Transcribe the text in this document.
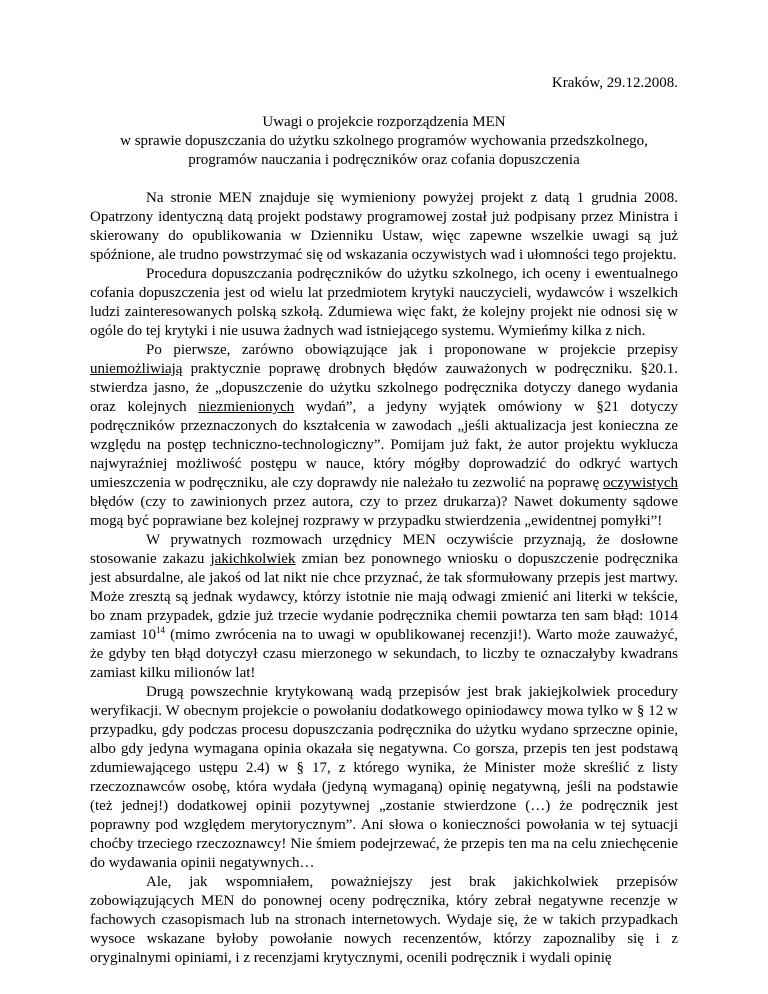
Kraków, 29.12.2008.
Uwagi o projekcie rozporządzenia MEN
w sprawie dopuszczania do użytku szkolnego programów wychowania przedszkolnego,
programów nauczania i podręczników oraz cofania dopuszczenia

Na stronie MEN znajduje się wymieniony powyżej projekt z datą 1 grudnia 2008. Opatrzony identyczną datą projekt podstawy programowej został już podpisany przez Ministra i skierowany do opublikowania w Dzienniku Ustaw, więc zapewne wszelkie uwagi są już spóźnione, ale trudno powstrzymać się od wskazania oczywistych wad i ułomności tego projektu.

Procedura dopuszczania podręczników do użytku szkolnego, ich oceny i ewentualnego cofania dopuszczenia jest od wielu lat przedmiotem krytyki nauczycieli, wydawców i wszelkich ludzi zainteresowanych polską szkołą. Zdumiewa więc fakt, że kolejny projekt nie odnosi się w ogóle do tej krytyki i nie usuwa żadnych wad istniejącego systemu. Wymieńmy kilka z nich.

Po pierwsze, zarówno obowiązujące jak i proponowane w projekcie przepisy uniemożliwiają praktycznie poprawę drobnych błędów zauważonych w podręczniku. §20.1. stwierdza jasno, że „dopuszczenie do użytku szkolnego podręcznika dotyczy danego wydania oraz kolejnych niezmienionych wydań”, a jedyny wyjątek omówiony w §21 dotyczy podręczników przeznaczonych do kształcenia w zawodach „jeśli aktualizacja jest konieczna ze względu na postęp techniczno-technologiczny”. Pomijam już fakt, że autor projektu wyklucza najwyraźniej możliwość postępu w nauce, który mógłby doprowadzić do odkryć wartych umieszczenia w podręczniku, ale czy doprawdy nie należało tu zezwolić na poprawę oczywistych błędów (czy to zawinionych przez autora, czy to przez drukarza)? Nawet dokumenty sądowe mogą być poprawiane bez kolejnej rozprawy w przypadku stwierdzenia „ewidentnej pomyłki”!

W prywatnych rozmowach urzędnicy MEN oczywiście przyznają, że dosłowne stosowanie zakazu jakichkolwiek zmian bez ponownego wniosku o dopuszczenie podręcznika jest absurdalne, ale jakoś od lat nikt nie chce przyznać, że tak sformułowany przepis jest martwy. Może zresztą są jednak wydawcy, którzy istotnie nie mają odwagi zmienić ani literki w tekście, bo znam przypadek, gdzie już trzecie wydanie podręcznika chemii powtarza ten sam błąd: 1014 zamiast $10^{14}$ (mimo zwrócenia na to uwagi w opublikowanej recenzji!). Warto może zauważyć, że gdyby ten błąd dotyczył czasu mierzonego w sekundach, to liczby te oznaczałyby kwadrans zamiast kilku milionów lat!

Drugą powszechnie krytykowaną wadą przepisów jest brak jakiejkolwiek procedury weryfikacji. W obecnym projekcie o powołaniu dodatkowego opiniodawcy mowa tylko w § 12 w przypadku, gdy podczas procesu dopuszczania podręcznika do użytku wydano sprzeczne opinie, albo gdy jedyna wymagana opinia okazała się negatywna. Co gorsza, przepis ten jest podstawą zdumiewającego ustępu 2.4) w § 17, z którego wynika, że Minister może skreślić z listy rzeczoznawców osobę, która wydała (jedyną wymaganą) opinię negatywną, jeśli na podstawie (też jednej!) dodatkowej opinii pozytywnej „zostanie stwierdzone (…) że podręcznik jest poprawny pod względem merytorycznym”. Ani słowa o konieczności powołania w tej sytuacji choćby trzeciego rzeczoznawcy! Nie śmiem podejrzewać, że przepis ten ma na celu zniechęcenie do wydawania opinii negatywnych…

Ale, jak wspomniałem, poważniejszy jest brak jakichkolwiek przepisów zobowiązujących MEN do ponownej oceny podręcznika, który zebrał negatywne recenzje w fachowych czasopismach lub na stronach internetowych. Wydaje się, że w takich przypadkach wysoce wskazane byłoby powołanie nowych recenzentów, którzy zapoznaliby się i z oryginalnymi opiniami, i z recenzjami krytycznymi, ocenili podręcznik i wydali opinię
